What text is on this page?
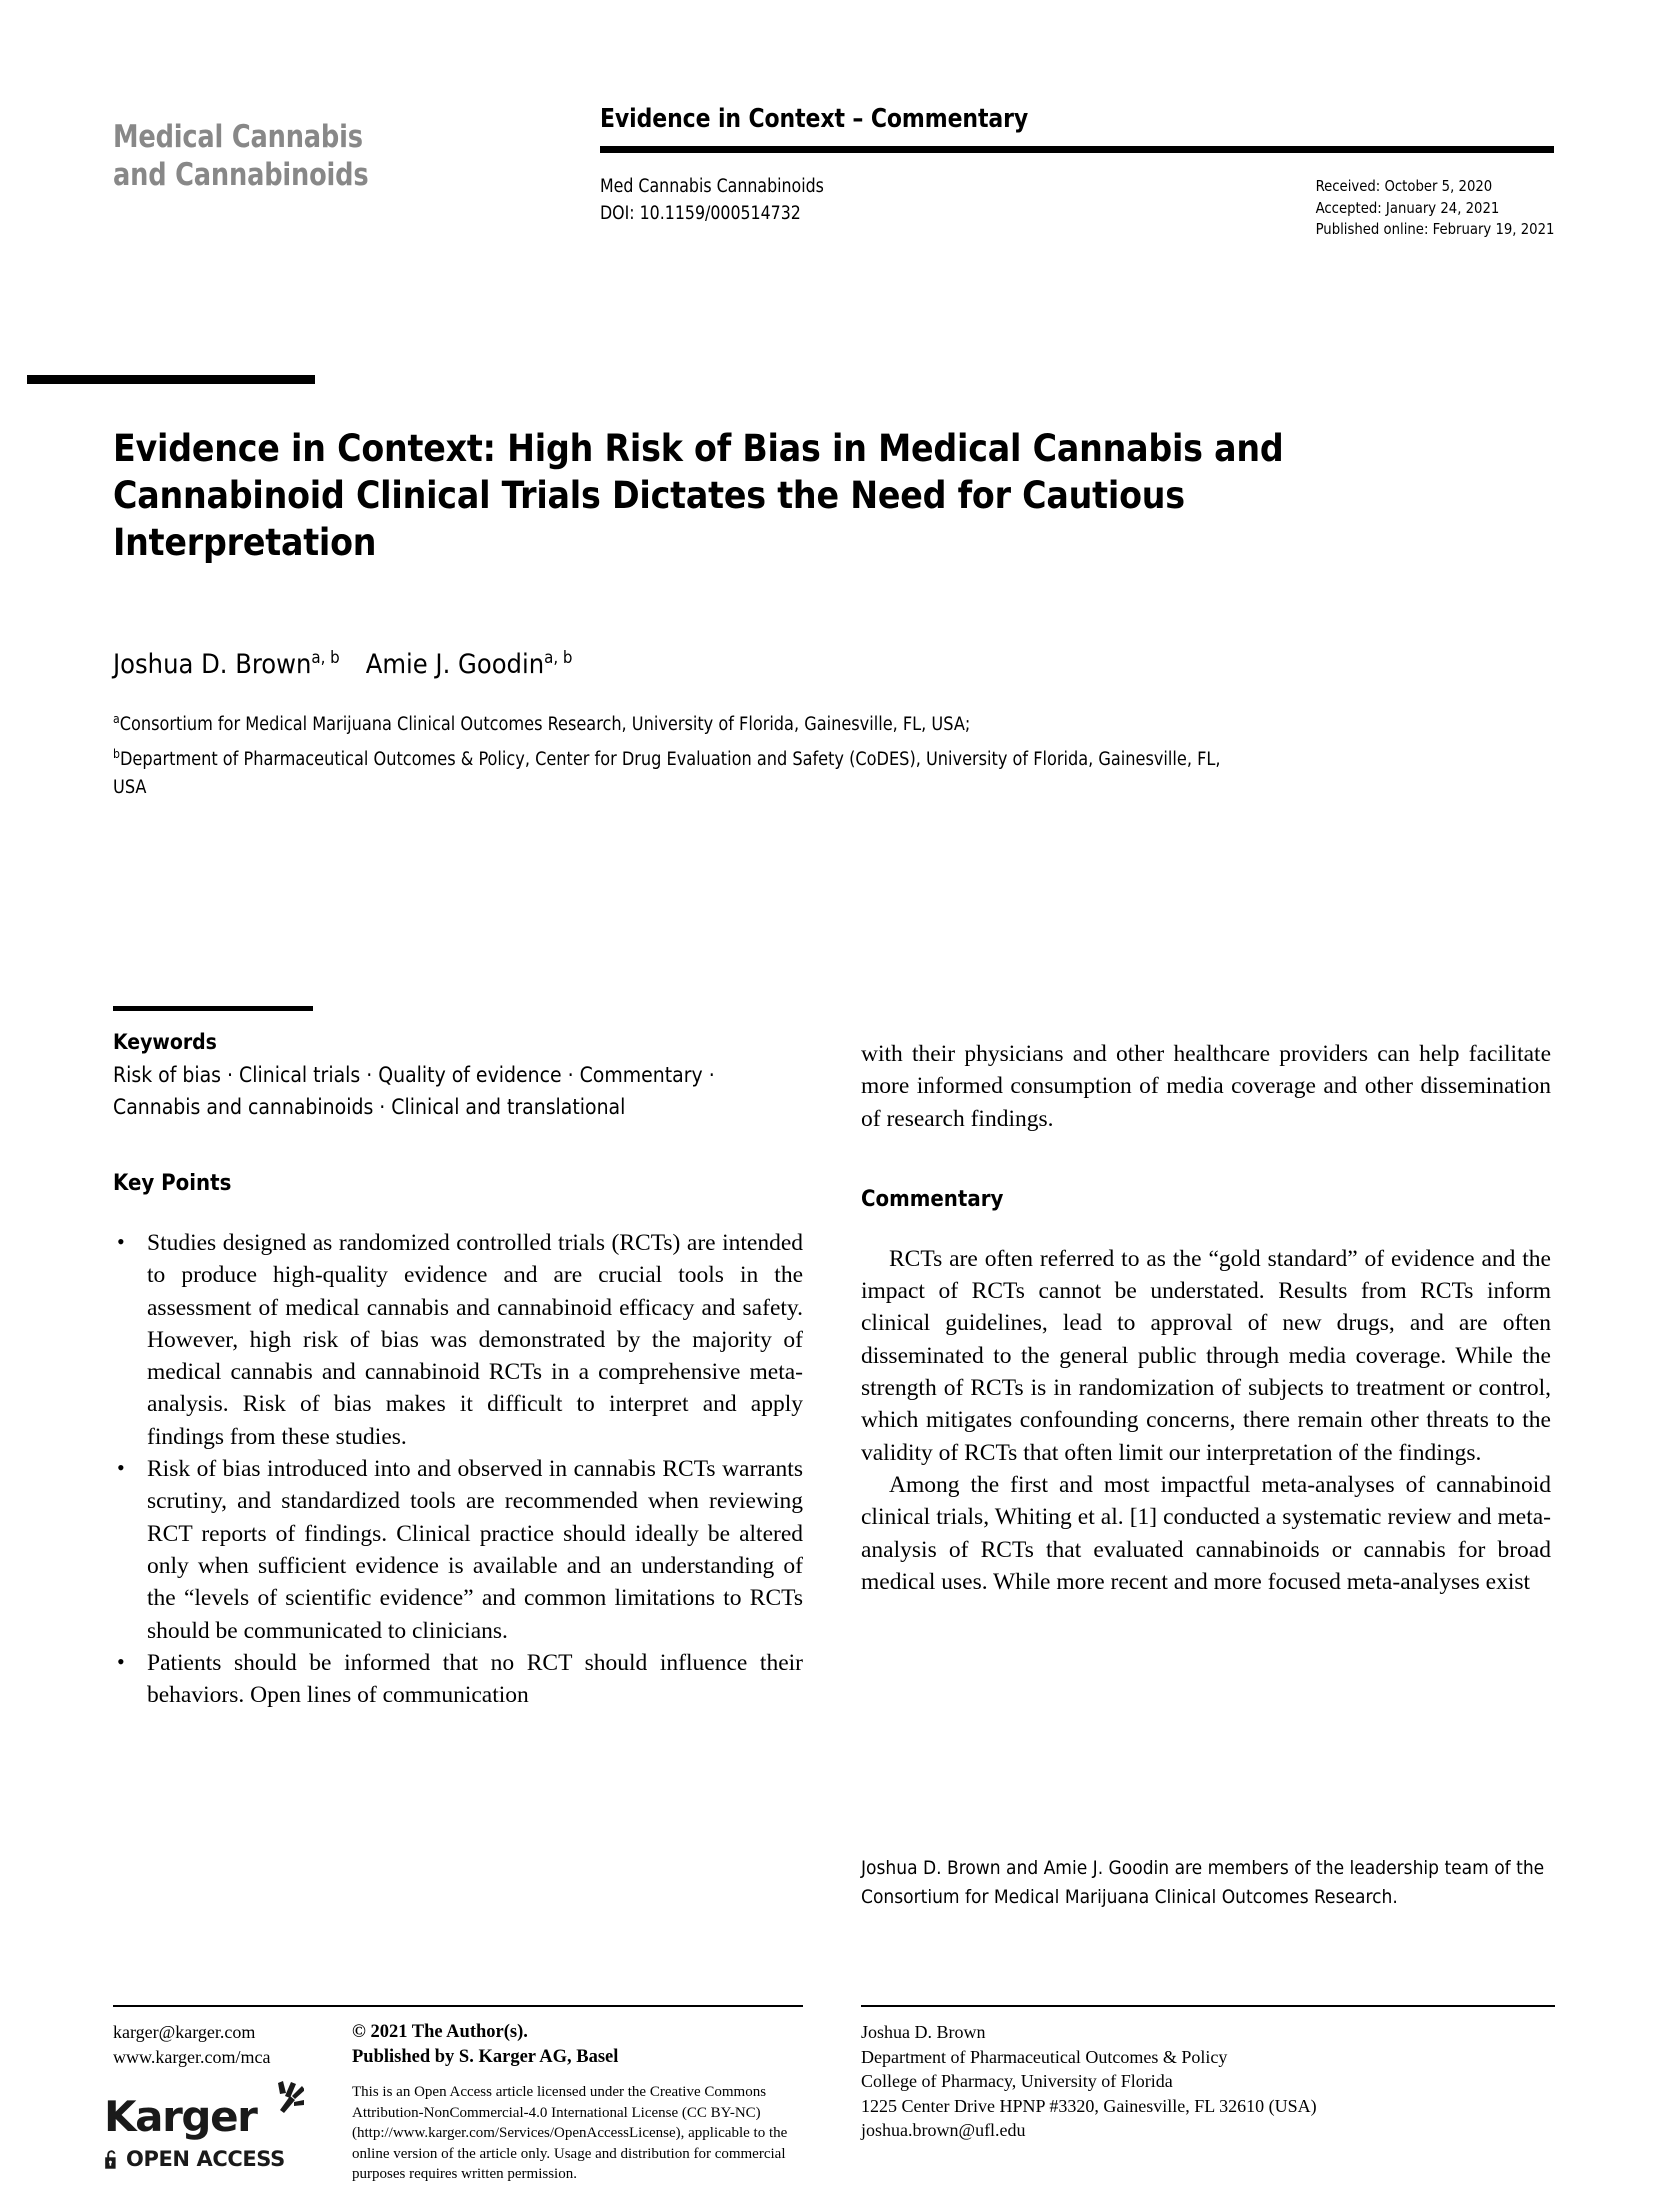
Medical Cannabis
and Cannabinoids
Evidence in Context – Commentary
Med Cannabis Cannabinoids
DOI: 10.1159/000514732
Received: October 5, 2020
Accepted: January 24, 2021
Published online: February 19, 2021
Evidence in Context: High Risk of Bias in Medical Cannabis and Cannabinoid Clinical Trials Dictates the Need for Cautious Interpretation
Joshua D. Brown$^{a, b}$ Amie J. Goodin$^{a, b}$
$^a$Consortium for Medical Marijuana Clinical Outcomes Research, University of Florida, Gainesville, FL, USA;
$^b$Department of Pharmaceutical Outcomes & Policy, Center for Drug Evaluation and Safety (CoDES), University of Florida, Gainesville, FL, USA
Keywords
Risk of bias · Clinical trials · Quality of evidence · Commentary · Cannabis and cannabinoids · Clinical and translational
Key Points
• Studies designed as randomized controlled trials (RCTs) are intended to produce high-quality evidence and are crucial tools in the assessment of medical cannabis and cannabinoid efficacy and safety. However, high risk of bias was demonstrated by the majority of medical cannabis and cannabinoid RCTs in a comprehensive meta-analysis. Risk of bias makes it difficult to interpret and apply findings from these studies.
• Risk of bias introduced into and observed in cannabis RCTs warrants scrutiny, and standardized tools are recommended when reviewing RCT reports of findings. Clinical practice should ideally be altered only when sufficient evidence is available and an understanding of the “levels of scientific evidence” and common limitations to RCTs should be communicated to clinicians.
• Patients should be informed that no RCT should influence their behaviors. Open lines of communication

with their physicians and other healthcare providers can help facilitate more informed consumption of media coverage and other dissemination of research findings.

Commentary

RCTs are often referred to as the “gold standard” of evidence and the impact of RCTs cannot be understated. Results from RCTs inform clinical guidelines, lead to approval of new drugs, and are often disseminated to the general public through media coverage. While the strength of RCTs is in randomization of subjects to treatment or control, which mitigates confounding concerns, there remain other threats to the validity of RCTs that often limit our interpretation of the findings.

Among the first and most impactful meta-analyses of cannabinoid clinical trials, Whiting et al. [1] conducted a systematic review and meta-analysis of RCTs that evaluated cannabinoids or cannabis for broad medical uses. While more recent and more focused meta-analyses exist

Joshua D. Brown and Amie J. Goodin are members of the leadership team of the Consortium for Medical Marijuana Clinical Outcomes Research.
karger@karger.com
www.karger.com/mca
© 2021 The Author(s).
Published by S. Karger AG, Basel
This is an Open Access article licensed under the Creative Commons Attribution-NonCommercial-4.0 International License (CC BY-NC) (http://www.karger.com/Services/OpenAccessLicense), applicable to the online version of the article only. Usage and distribution for commercial purposes requires written permission.
Joshua D. Brown
Department of Pharmaceutical Outcomes & Policy
College of Pharmacy, University of Florida
1225 Center Drive HPNP #3320, Gainesville, FL 32610 (USA)
joshua.brown@ufl.edu
Karger
OPEN ACCESS
